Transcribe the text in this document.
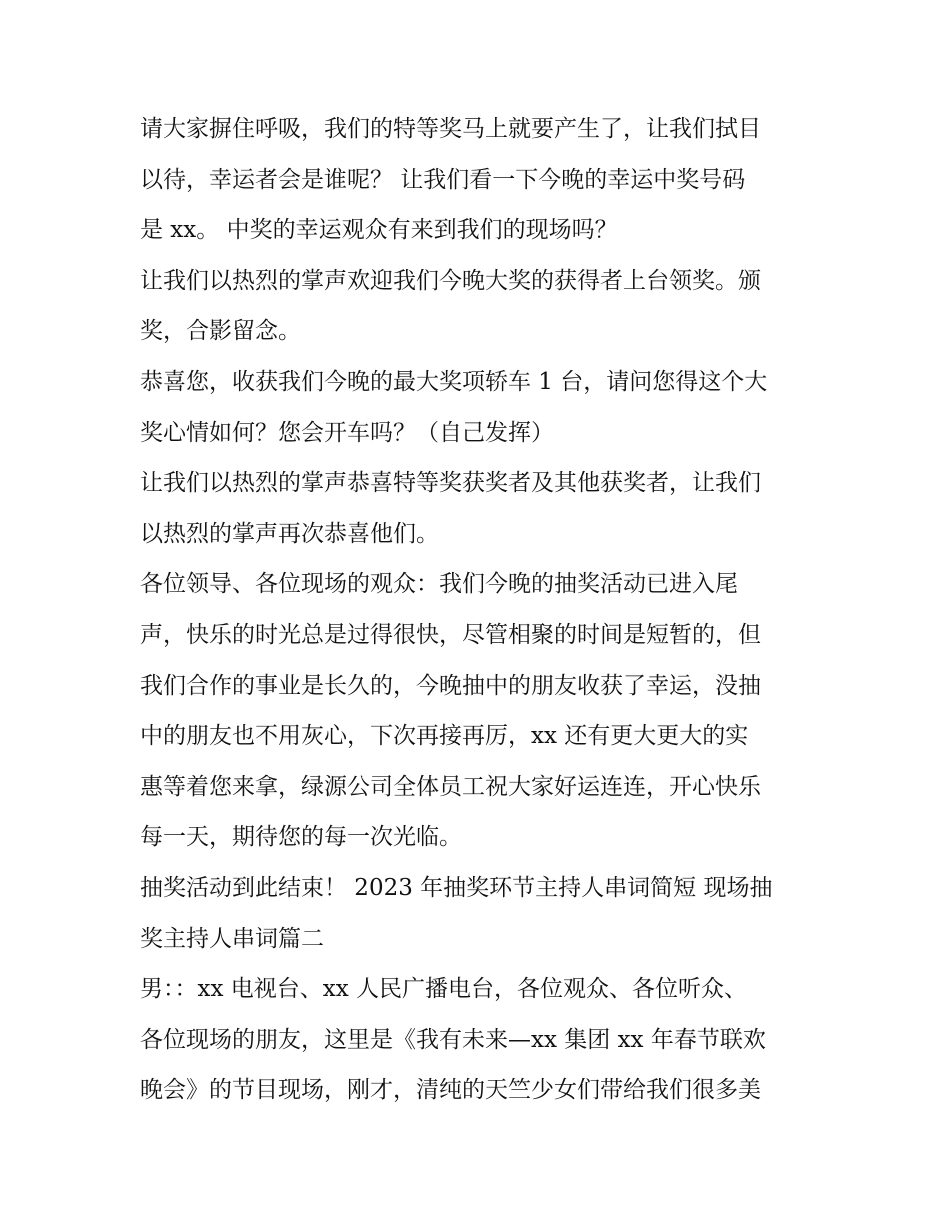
请大家摒住呼吸，我们的特等奖马上就要产生了，让我们拭目
以待，幸运者会是谁呢？ 让我们看一下今晚的幸运中奖号码
是 xx。 中奖的幸运观众有来到我们的现场吗？
让我们以热烈的掌声欢迎我们今晚大奖的获得者上台领奖。颁
奖，合影留念。
恭喜您，收获我们今晚的最大奖项轿车 1 台，请问您得这个大
奖心情如何？您会开车吗？（自己发挥）
让我们以热烈的掌声恭喜特等奖获奖者及其他获奖者，让我们
以热烈的掌声再次恭喜他们。
各位领导、各位现场的观众：我们今晚的抽奖活动已进入尾
声，快乐的时光总是过得很快，尽管相聚的时间是短暂的，但
我们合作的事业是长久的，今晚抽中的朋友收获了幸运，没抽
中的朋友也不用灰心，下次再接再厉，xx 还有更大更大的实
惠等着您来拿，绿源公司全体员工祝大家好运连连，开心快乐
每一天，期待您的每一次光临。
抽奖活动到此结束！ 2023 年抽奖环节主持人串词简短 现场抽
奖主持人串词篇二
男：：xx 电视台、xx 人民广播电台，各位观众、各位听众、
各位现场的朋友，这里是《我有未来—xx 集团 xx 年春节联欢
晚会》的节目现场，刚才，清纯的天竺少女们带给我们很多美
